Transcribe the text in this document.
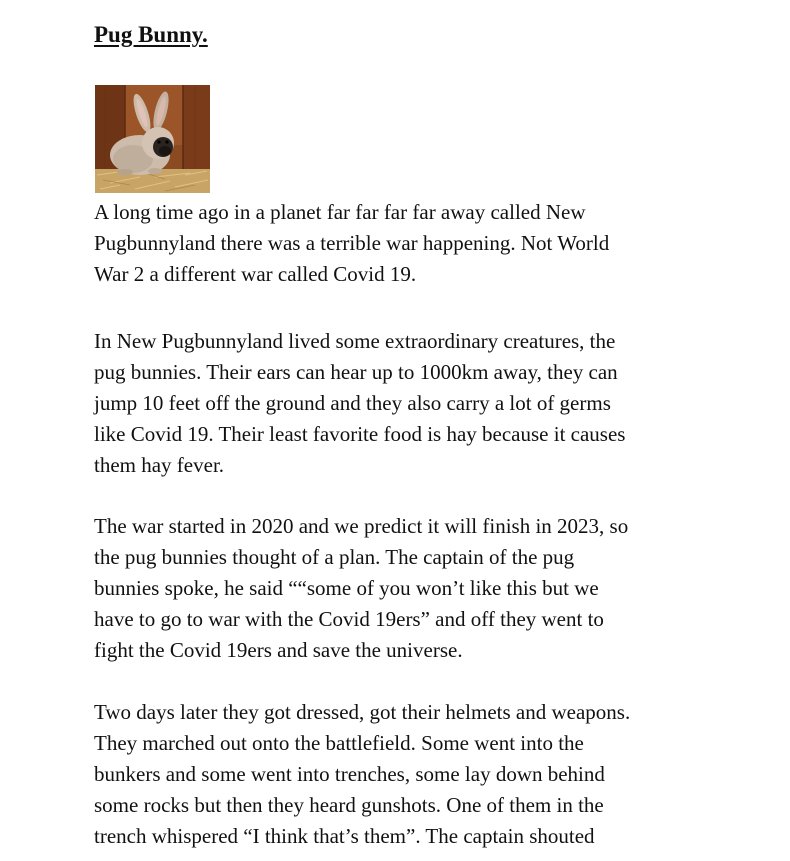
Pug Bunny.

A long time ago in a planet far far far far away called New
Pugbunnyland there was a terrible war happening. Not World
War 2 a different war called Covid 19.

In New Pugbunnyland lived some extraordinary creatures, the
pug bunnies. Their ears can hear up to 1000km away, they can
jump 10 feet off the ground and they also carry a lot of germs
like Covid 19. Their least favorite food is hay because it causes
them hay fever.

The war started in 2020 and we predict it will finish in 2023, so
the pug bunnies thought of a plan. The captain of the pug
bunnies spoke, he said ““some of you won’t like this but we
have to go to war with the Covid 19ers” and off they went to
fight the Covid 19ers and save the universe.

Two days later they got dressed, got their helmets and weapons.
They marched out onto the battlefield. Some went into the
bunkers and some went into trenches, some lay down behind
some rocks but then they heard gunshots. One of them in the
trench whispered “I think that’s them”. The captain shouted
